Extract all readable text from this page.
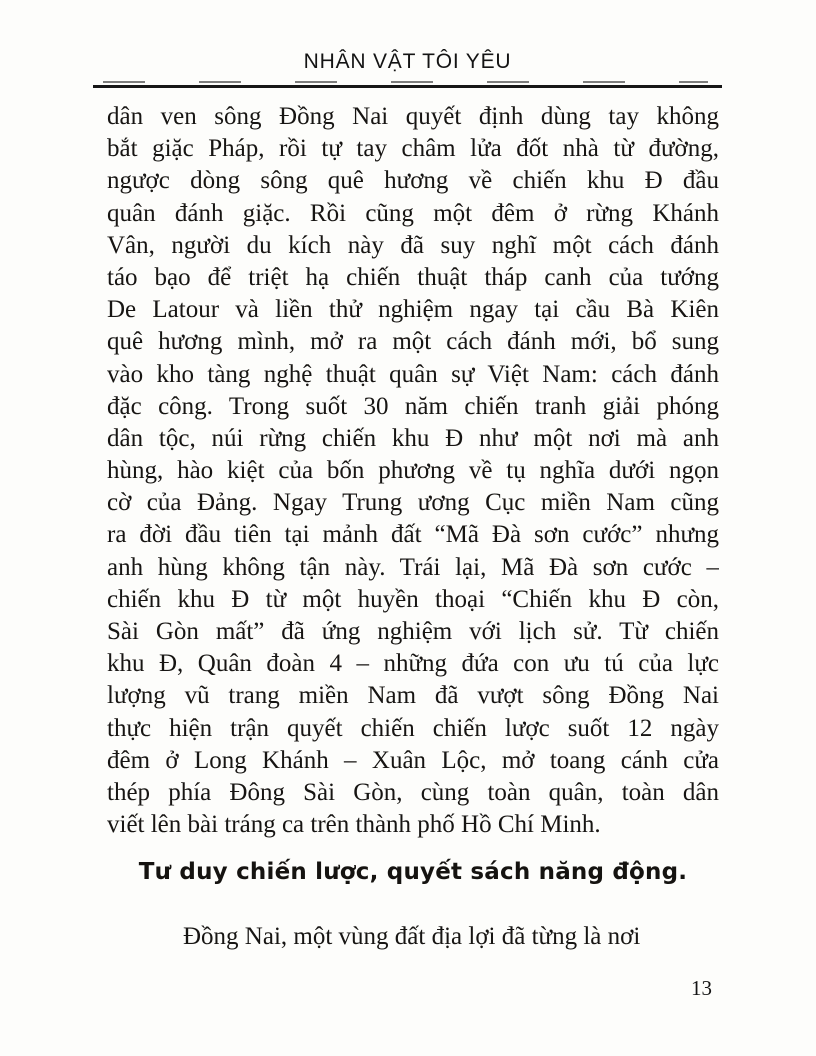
NHÂN VẬT TÔI YÊU
dân ven sông Đồng Nai quyết định dùng tay không
bắt giặc Pháp, rồi tự tay châm lửa đốt nhà từ đường,
ngược dòng sông quê hương về chiến khu Đ đầu
quân đánh giặc. Rồi cũng một đêm ở rừng Khánh
Vân, người du kích này đã suy nghĩ một cách đánh
táo bạo để triệt hạ chiến thuật tháp canh của tướng
De Latour và liền thử nghiệm ngay tại cầu Bà Kiên
quê hương mình, mở ra một cách đánh mới, bổ sung
vào kho tàng nghệ thuật quân sự Việt Nam: cách đánh
đặc công. Trong suốt 30 năm chiến tranh giải phóng
dân tộc, núi rừng chiến khu Đ như một nơi mà anh
hùng, hào kiệt của bốn phương về tụ nghĩa dưới ngọn
cờ của Đảng. Ngay Trung ương Cục miền Nam cũng
ra đời đầu tiên tại mảnh đất “Mã Đà sơn cước” nhưng
anh hùng không tận này. Trái lại, Mã Đà sơn cước –
chiến khu Đ từ một huyền thoại “Chiến khu Đ còn,
Sài Gòn mất” đã ứng nghiệm với lịch sử. Từ chiến
khu Đ, Quân đoàn 4 – những đứa con ưu tú của lực
lượng vũ trang miền Nam đã vượt sông Đồng Nai
thực hiện trận quyết chiến chiến lược suốt 12 ngày
đêm ở Long Khánh – Xuân Lộc, mở toang cánh cửa
thép phía Đông Sài Gòn, cùng toàn quân, toàn dân
viết lên bài tráng ca trên thành phố Hồ Chí Minh.
Tư duy chiến lược, quyết sách năng động.
Đồng Nai, một vùng đất địa lợi đã từng là nơi
13
